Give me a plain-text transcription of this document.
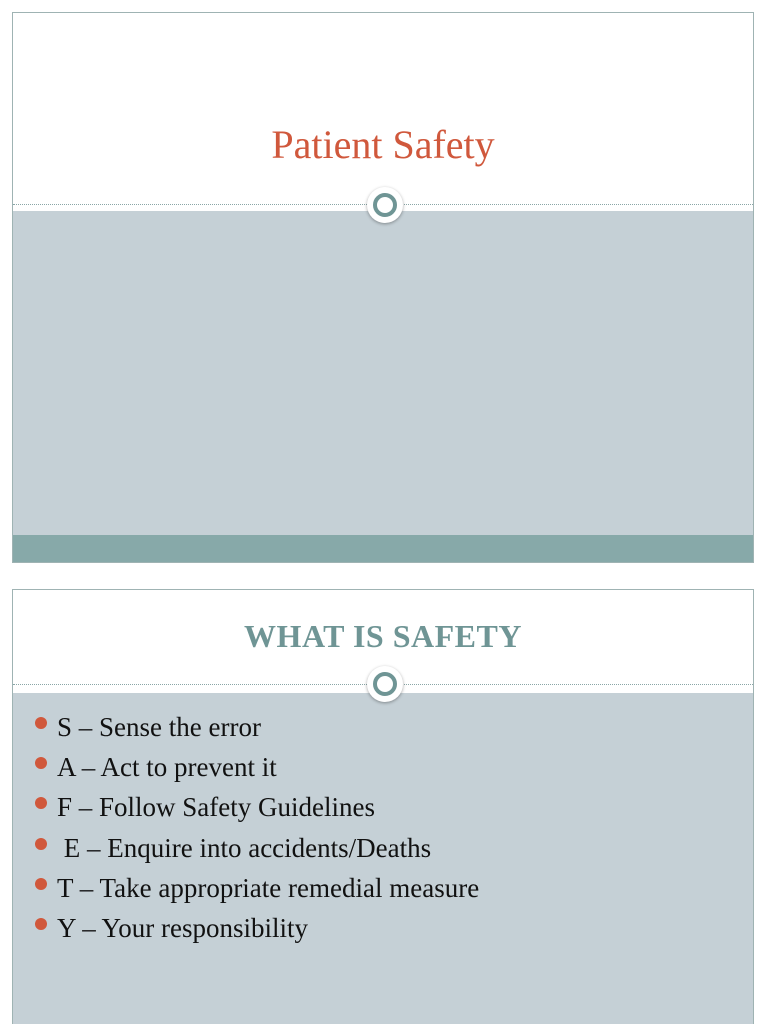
Patient Safety
WHAT IS SAFETY
S – Sense the error
A – Act to prevent it
F – Follow Safety Guidelines
E – Enquire into accidents/Deaths
T – Take appropriate remedial measure
Y – Your responsibility
